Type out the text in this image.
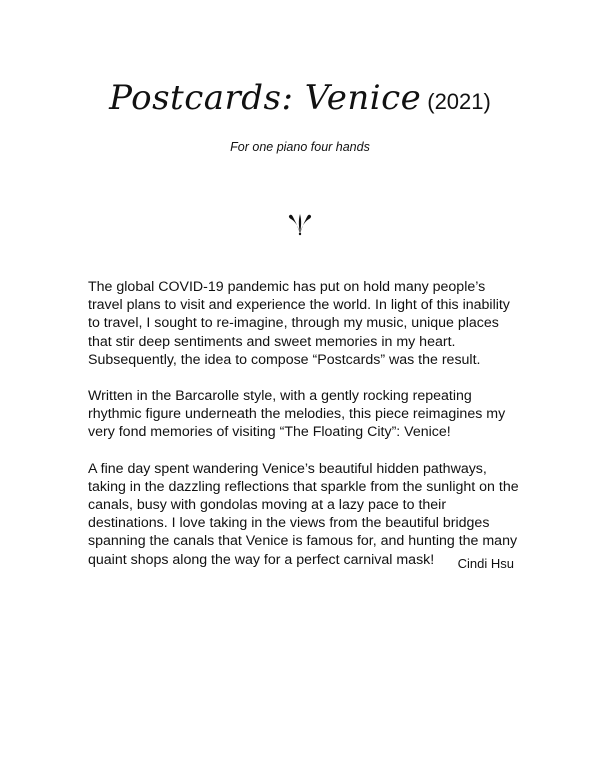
Postcards: Venice (2021)
For one piano four hands

The global COVID-19 pandemic has put on hold many people’s travel plans to visit and experience the world. In light of this inability to travel, I sought to re-imagine, through my music, unique places that stir deep sentiments and sweet memories in my heart. Subsequently, the idea to compose “Postcards” was the result.

Written in the Barcarolle style, with a gently rocking repeating rhythmic figure underneath the melodies, this piece reimagines my very fond memories of visiting “The Floating City”: Venice!

A fine day spent wandering Venice’s beautiful hidden pathways, taking in the dazzling reflections that sparkle from the sunlight on the canals, busy with gondolas moving at a lazy pace to their destinations. I love taking in the views from the beautiful bridges spanning the canals that Venice is famous for, and hunting the many quaint shops along the way for a perfect carnival mask!	Cindi Hsu
